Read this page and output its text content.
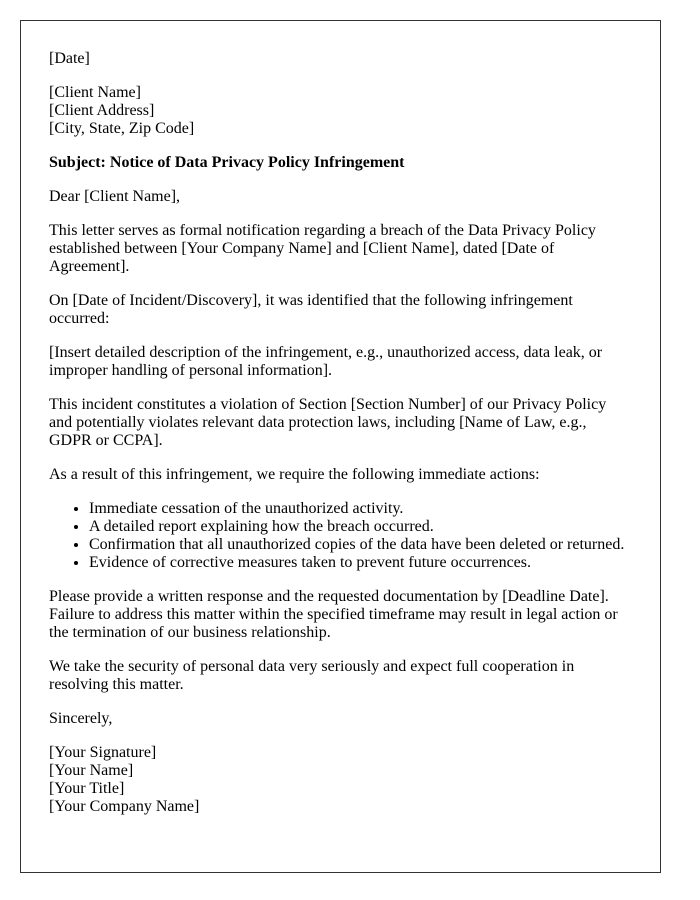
[Date]

[Client Name]
[Client Address]
[City, State, Zip Code]

Subject: Notice of Data Privacy Policy Infringement

Dear [Client Name],

This letter serves as formal notification regarding a breach of the Data Privacy Policy established between [Your Company Name] and [Client Name], dated [Date of Agreement].

On [Date of Incident/Discovery], it was identified that the following infringement occurred:

[Insert detailed description of the infringement, e.g., unauthorized access, data leak, or improper handling of personal information].

This incident constitutes a violation of Section [Section Number] of our Privacy Policy and potentially violates relevant data protection laws, including [Name of Law, e.g., GDPR or CCPA].

As a result of this infringement, we require the following immediate actions:

• Immediate cessation of the unauthorized activity.
• A detailed report explaining how the breach occurred.
• Confirmation that all unauthorized copies of the data have been deleted or returned.
• Evidence of corrective measures taken to prevent future occurrences.

Please provide a written response and the requested documentation by [Deadline Date]. Failure to address this matter within the specified timeframe may result in legal action or the termination of our business relationship.

We take the security of personal data very seriously and expect full cooperation in resolving this matter.

Sincerely,

[Your Signature]
[Your Name]
[Your Title]
[Your Company Name]
